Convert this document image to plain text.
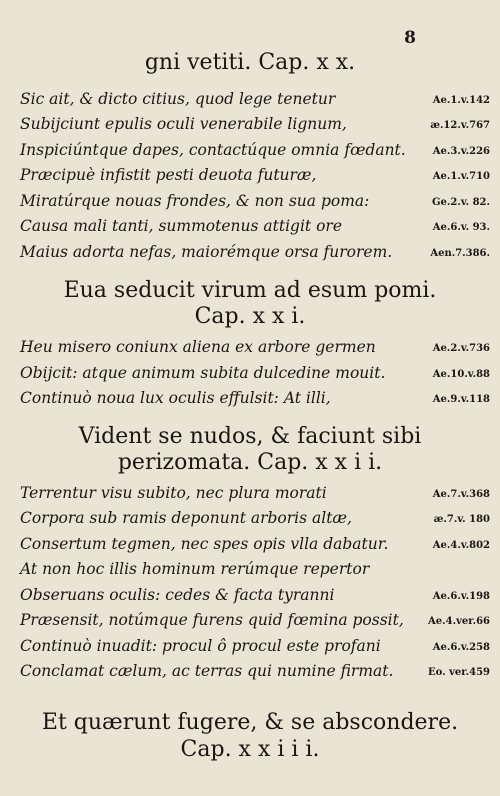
8
gni vetiti. Cap. x x.
Sic ait, & dicto citius, quod lege tenetur	Ae.1.v.142
Subijciunt epulis oculi venerabile lignum,	æ.12.v.767
Inspiciúntque dapes, contactúque omnia fœdant.	Ae.3.v.226
Præcipuè infistit pesti deuota futuræ,	Ae.1.v.710
Miratúrque nouas frondes, & non sua poma:	Ge.2.v. 82.
Causa mali tanti, summotenus attigit ore	Ae.6.v. 93.
Maius adorta nefas, maiorémque orsa furorem.	Aen.7.386.
Eua seducit virum ad esum pomi.
Cap. x x i.
Heu misero coniunx aliena ex arbore germen	Ae.2.v.736
Obijcit: atque animum subita dulcedine mouit.	Ae.10.v.88
Continuò noua lux oculis effulsit: At illi,	Ae.9.v.118
Vident se nudos, & faciunt sibi
perizomata. Cap. x x i i.
Terrentur visu subito, nec plura morati	Ae.7.v.368
Corpora sub ramis deponunt arboris altæ,	æ.7.v. 180
Consertum tegmen, nec spes opis vlla dabatur.	Ae.4.v.802
At non hoc illis hominum rerúmque repertor
Obseruans oculis: cedes & facta tyranni	Ae.6.v.198
Præsensit, notúmque furens quid fœmina possit,	Ae.4.ver.66
Continuò inuadit: procul ô procul este profani	Ae.6.v.258
Conclamat cælum, ac terras qui numine firmat.	Eo. ver.459
Et quærunt fugere, & se abscondere.
Cap. x x i i i.
